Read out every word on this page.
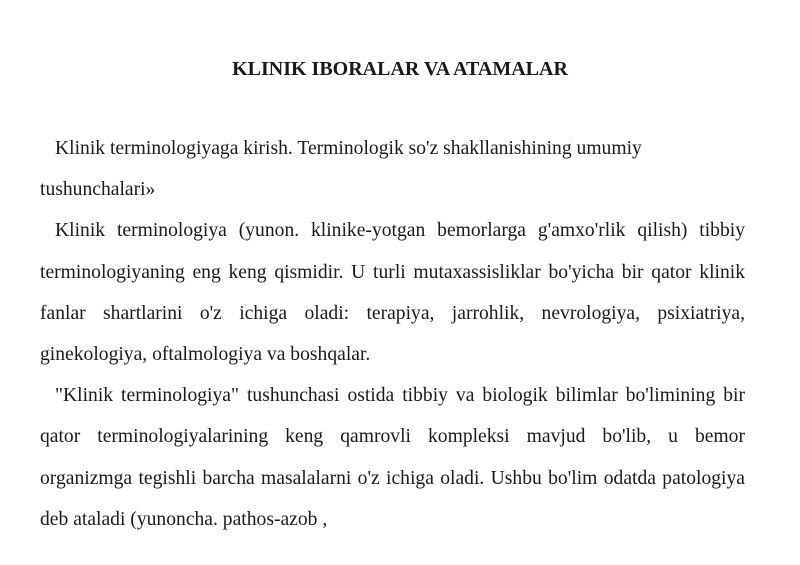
KLINIK IBORALAR VA ATAMALAR

Klinik terminologiyaga kirish. Terminologik so'z shakllanishining umumiy tushunchalari»

Klinik terminologiya (yunon. klinike-yotgan bemorlarga g'amxo'rlik qilish) tibbiy terminologiyaning eng keng qismidir. U turli mutaxassisliklar bo'yicha bir qator klinik fanlar shartlarini o'z ichiga oladi: terapiya, jarrohlik, nevrologiya, psixiatriya, ginekologiya, oftalmologiya va boshqalar.

"Klinik terminologiya" tushunchasi ostida tibbiy va biologik bilimlar bo'limining bir qator terminologiyalarining keng qamrovli kompleksi mavjud bo'lib, u bemor organizmga tegishli barcha masalalarni o'z ichiga oladi. Ushbu bo'lim odatda patologiya deb ataladi (yunoncha. pathos-azob ,
